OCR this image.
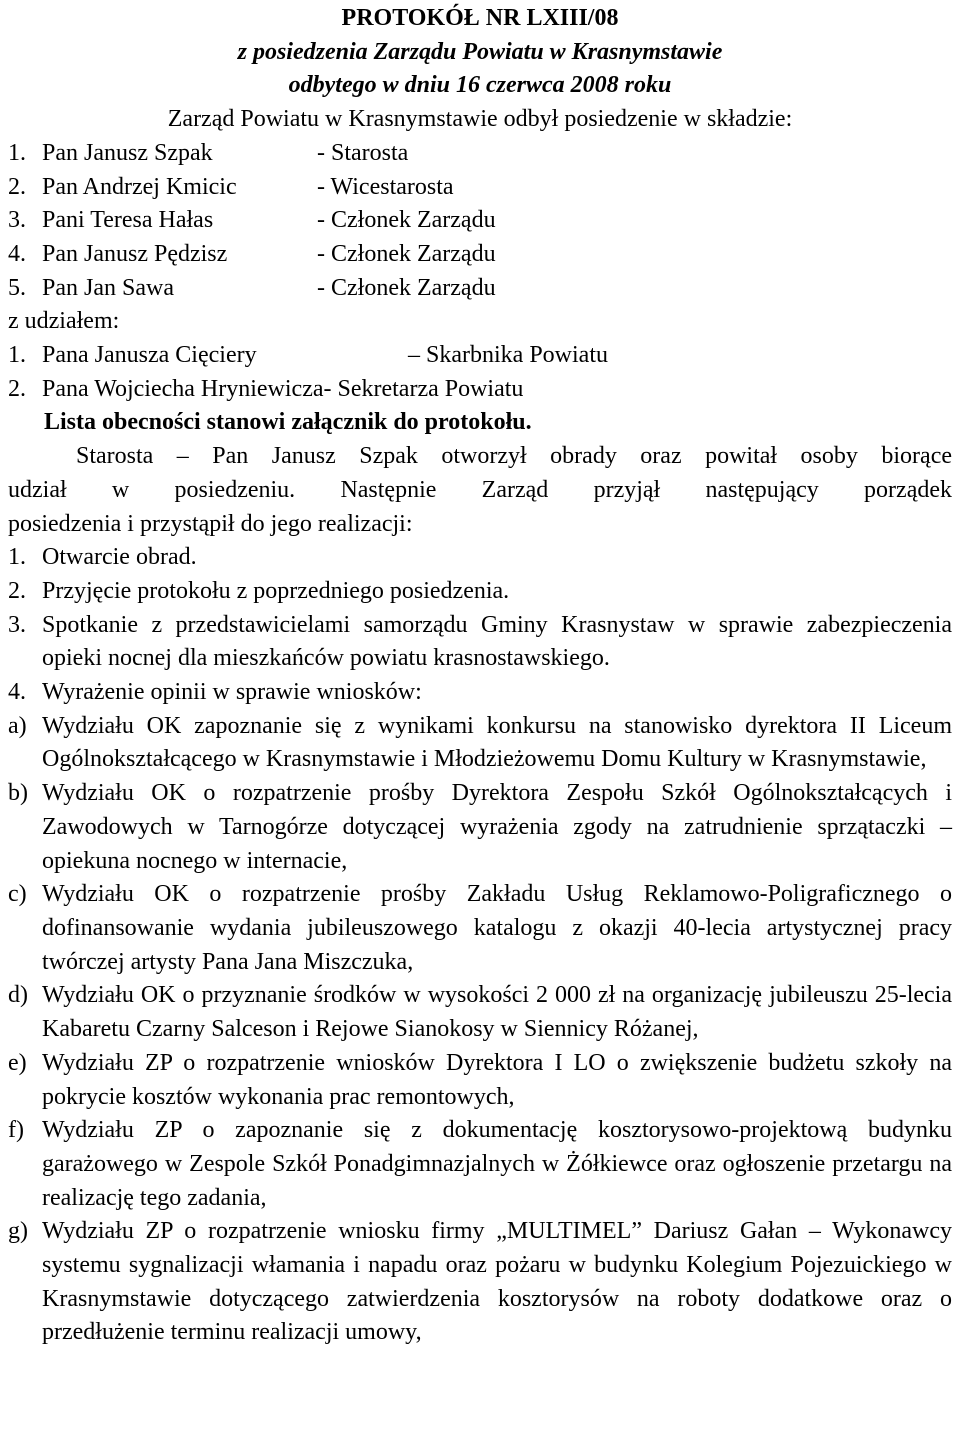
PROTOKÓŁ NR LXIII/08

z posiedzenia Zarządu Powiatu w Krasnymstawie

odbytego w dniu 16 czerwca 2008 roku

Zarząd Powiatu w Krasnymstawie odbył posiedzenie w składzie:

1. Pan Janusz Szpak	- Starosta
2. Pan Andrzej Kmicic	- Wicestarosta
3. Pani Teresa Hałas	- Członek Zarządu
4. Pan Janusz Pędzisz	- Członek Zarządu
5. Pan Jan Sawa	- Członek Zarządu

z udziałem:

1. Pana Janusza Cięciery	– Skarbnika Powiatu
2. Pana Wojciecha Hryniewicza- Sekretarza Powiatu

Lista obecności stanowi załącznik do protokołu.

Starosta – Pan Janusz Szpak otworzył obrady oraz powitał osoby biorące

udział w posiedzeniu. Następnie Zarząd przyjął następujący porządek

posiedzenia i przystąpił do jego realizacji:

1. Otwarcie obrad.
2. Przyjęcie protokołu z poprzedniego posiedzenia.
3. Spotkanie z przedstawicielami samorządu Gminy Krasnystaw w sprawie zabezpieczenia opieki nocnej dla mieszkańców powiatu krasnostawskiego.
4. Wyrażenie opinii w sprawie wniosków:
a) Wydziału OK zapoznanie się z wynikami konkursu na stanowisko dyrektora II Liceum Ogólnokształcącego w Krasnymstawie i Młodzieżowemu Domu Kultury w Krasnymstawie,
b) Wydziału OK o rozpatrzenie prośby Dyrektora Zespołu Szkół Ogólnokształcących i Zawodowych w Tarnogórze dotyczącej wyrażenia zgody na zatrudnienie sprzątaczki – opiekuna nocnego w internacie,
c) Wydziału OK o rozpatrzenie prośby Zakładu Usług Reklamowo-Poligraficznego o dofinansowanie wydania jubileuszowego katalogu z okazji 40-lecia artystycznej pracy twórczej artysty Pana Jana Miszczuka,
d) Wydziału OK o przyznanie środków w wysokości 2 000 zł na organizację jubileuszu 25-lecia Kabaretu Czarny Salceson i Rejowe Sianokosy w Siennicy Różanej,
e) Wydziału ZP o rozpatrzenie wniosków Dyrektora I LO o zwiększenie budżetu szkoły na pokrycie kosztów wykonania prac remontowych,
f) Wydziału ZP o zapoznanie się z dokumentację kosztorysowo-projektową budynku garażowego w Zespole Szkół Ponadgimnazjalnych w Żółkiewce oraz ogłoszenie przetargu na realizację tego zadania,
g) Wydziału ZP o rozpatrzenie wniosku firmy „MULTIMEL” Dariusz Gałan – Wykonawcy systemu sygnalizacji włamania i napadu oraz pożaru w budynku Kolegium Pojezuickiego w Krasnymstawie dotyczącego zatwierdzenia kosztorysów na roboty dodatkowe oraz o przedłużenie terminu realizacji umowy,
